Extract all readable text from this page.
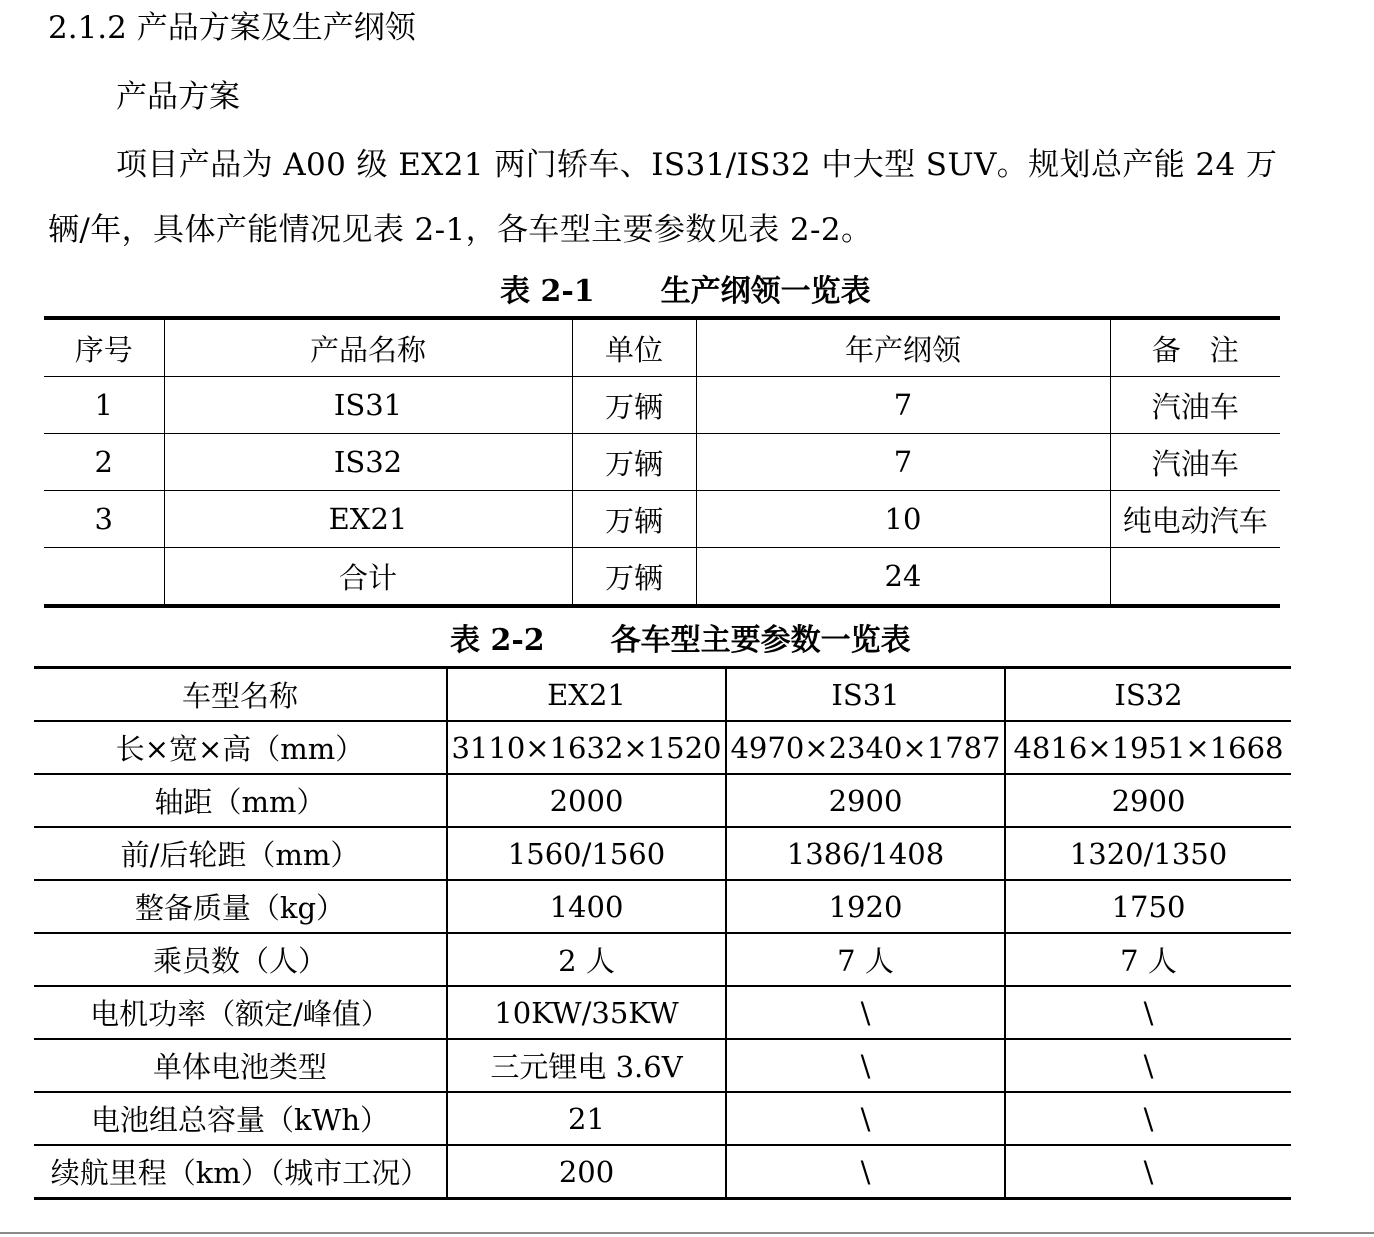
2.1.2 产品方案及生产纲领
产品方案
项目产品为 A00 级 EX21 两门轿车、IS31/IS32 中大型 SUV。规划总产能 24 万
辆/年，具体产能情况见表 2-1，各车型主要参数见表 2-2。
表 2-1 生产纲领一览表
序号	产品名称	单位	年产纲领	备　注
1	IS31	万辆	7	汽油车
2	IS32	万辆	7	汽油车
3	EX21	万辆	10	纯电动汽车
	合计	万辆	24	
表 2-2 各车型主要参数一览表
车型名称	EX21	IS31	IS32
长×宽×高（mm）	3110×1632×1520	4970×2340×1787	4816×1951×1668
轴距（mm）	2000	2900	2900
前/后轮距（mm）	1560/1560	1386/1408	1320/1350
整备质量（kg）	1400	1920	1750
乘员数（人）	2 人	7 人	7 人
电机功率（额定/峰值）	10KW/35KW	\	\
单体电池类型	三元锂电 3.6V	\	\
电池组总容量（kWh）	21	\	\
续航里程（km）（城市工况）	200	\	\
